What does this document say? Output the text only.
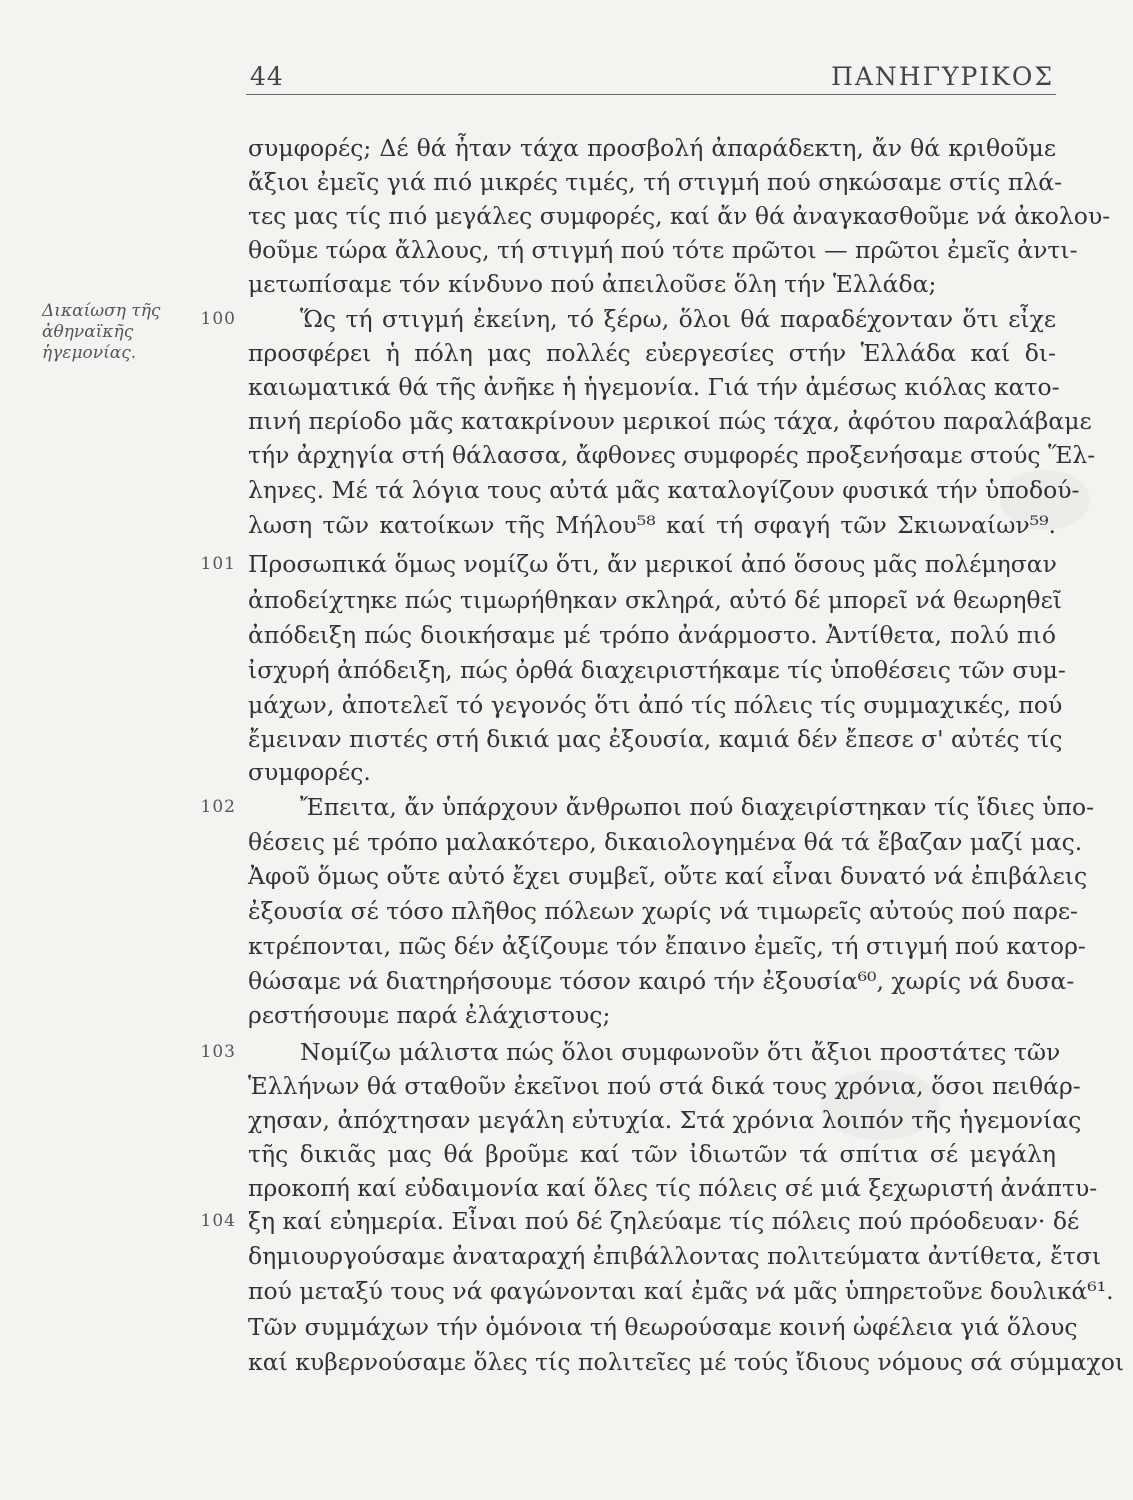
44	ΠΑΝΗΓΥΡΙΚΟΣ
Δικαίωση τῆς
ἀθηναϊκῆς
ἡγεμονίας.
100
101
102
103
104
συμφορές; Δέ θά ἦταν τάχα προσβολή ἀπαράδεκτη, ἄν θά κριθοῦμε
ἄξιοι ἐμεῖς γιά πιό μικρές τιμές, τή στιγμή πού σηκώσαμε στίς πλά-
τες μας τίς πιό μεγάλες συμφορές, καί ἄν θά ἀναγκασθοῦμε νά ἀκολου-
θοῦμε τώρα ἄλλους, τή στιγμή πού τότε πρῶτοι — πρῶτοι ἐμεῖς ἀντι-
μετωπίσαμε τόν κίνδυνο πού ἀπειλοῦσε ὅλη τήν Ἑλλάδα;
Ὥς τή στιγμή ἐκείνη, τό ξέρω, ὅλοι θά παραδέχονταν ὅτι εἶχε
προσφέρει ἡ πόλη μας πολλές εὐεργεσίες στήν Ἑλλάδα καί δι-
καιωματικά θά τῆς ἀνῆκε ἡ ἡγεμονία. Γιά τήν ἀμέσως κιόλας κατο-
πινή περίοδο μᾶς κατακρίνουν μερικοί πώς τάχα, ἀφότου παραλάβαμε
τήν ἀρχηγία στή θάλασσα, ἄφθονες συμφορές προξενήσαμε στούς Ἕλ-
ληνες. Μέ τά λόγια τους αὐτά μᾶς καταλογίζουν φυσικά τήν ὑποδού-
λωση τῶν κατοίκων τῆς Μήλου⁵⁸ καί τή σφαγή τῶν Σκιωναίων⁵⁹.
Προσωπικά ὅμως νομίζω ὅτι, ἄν μερικοί ἀπό ὅσους μᾶς πολέμησαν
ἀποδείχτηκε πώς τιμωρήθηκαν σκληρά, αὐτό δέ μπορεῖ νά θεωρηθεῖ
ἀπόδειξη πώς διοικήσαμε μέ τρόπο ἀνάρμοστο. Ἀντίθετα, πολύ πιό
ἰσχυρή ἀπόδειξη, πώς ὀρθά διαχειριστήκαμε τίς ὑποθέσεις τῶν συμ-
μάχων, ἀποτελεῖ τό γεγονός ὅτι ἀπό τίς πόλεις τίς συμμαχικές, πού
ἔμειναν πιστές στή δικιά μας ἐξουσία, καμιά δέν ἔπεσε σ' αὐτές τίς
συμφορές.
Ἔπειτα, ἄν ὑπάρχουν ἄνθρωποι πού διαχειρίστηκαν τίς ἴδιες ὑπο-
θέσεις μέ τρόπο μαλακότερο, δικαιολογημένα θά τά ἔβαζαν μαζί μας.
Ἀφοῦ ὅμως οὔτε αὐτό ἔχει συμβεῖ, οὔτε καί εἶναι δυνατό νά ἐπιβάλεις
ἐξουσία σέ τόσο πλῆθος πόλεων χωρίς νά τιμωρεῖς αὐτούς πού παρε-
κτρέπονται, πῶς δέν ἀξίζουμε τόν ἔπαινο ἐμεῖς, τή στιγμή πού κατορ-
θώσαμε νά διατηρήσουμε τόσον καιρό τήν ἐξουσία⁶⁰, χωρίς νά δυσα-
ρεστήσουμε παρά ἐλάχιστους;
Νομίζω μάλιστα πώς ὅλοι συμφωνοῦν ὅτι ἄξιοι προστάτες τῶν
Ἑλλήνων θά σταθοῦν ἐκεῖνοι πού στά δικά τους χρόνια, ὅσοι πειθάρ-
χησαν, ἀπόχτησαν μεγάλη εὐτυχία. Στά χρόνια λοιπόν τῆς ἡγεμονίας
τῆς δικιᾶς μας θά βροῦμε καί τῶν ἰδιωτῶν τά σπίτια σέ μεγάλη
προκοπή καί εὐδαιμονία καί ὅλες τίς πόλεις σέ μιά ξεχωριστή ἀνάπτυ-
ξη καί εὐημερία. Εἶναι πού δέ ζηλεύαμε τίς πόλεις πού πρόοδευαν· δέ
δημιουργούσαμε ἀναταραχή ἐπιβάλλοντας πολιτεύματα ἀντίθετα, ἔτσι
πού μεταξύ τους νά φαγώνονται καί ἐμᾶς νά μᾶς ὑπηρετοῦνε δουλικά⁶¹.
Τῶν συμμάχων τήν ὁμόνοια τή θεωρούσαμε κοινή ὠφέλεια γιά ὅλους
καί κυβερνούσαμε ὅλες τίς πολιτεῖες μέ τούς ἴδιους νόμους σά σύμμαχοι
